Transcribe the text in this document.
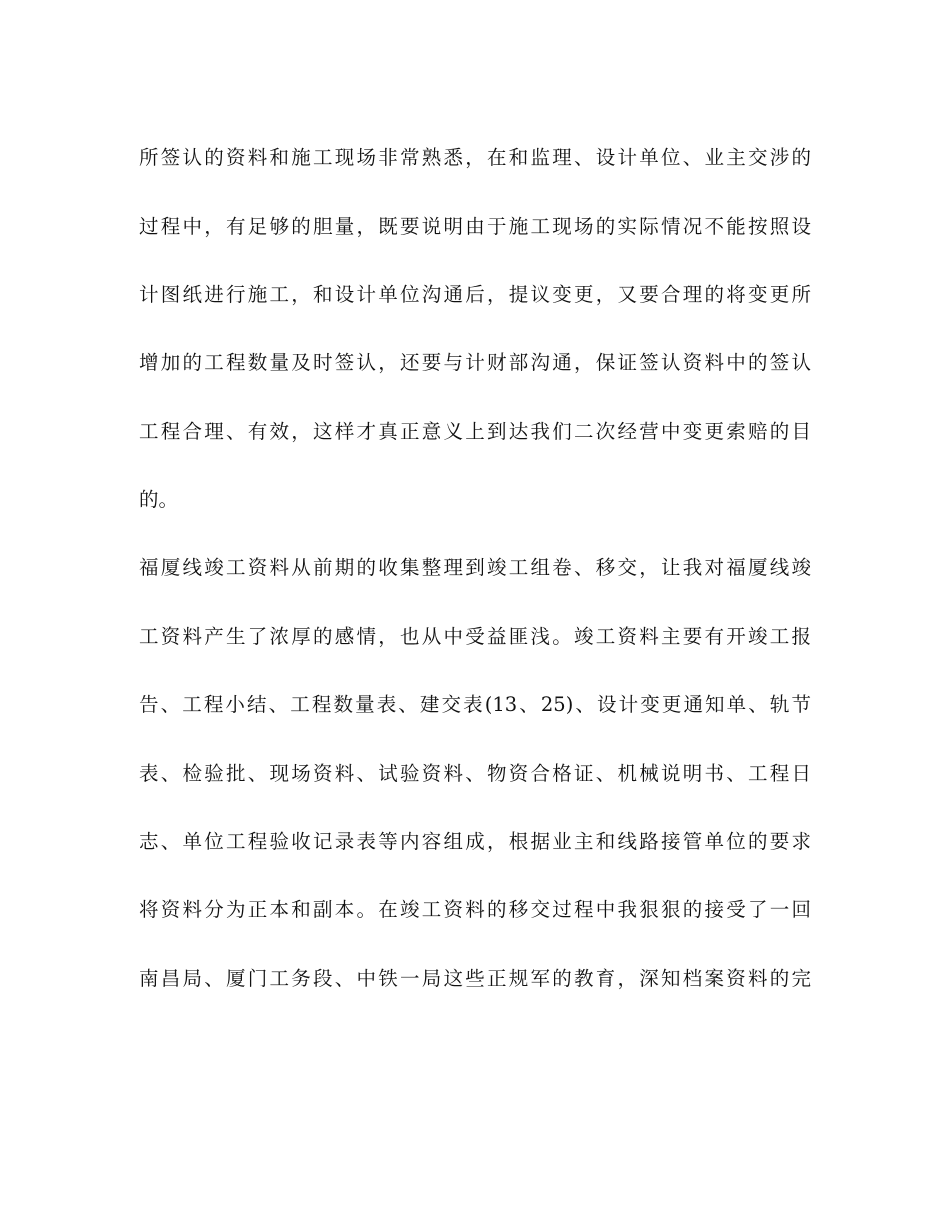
所签认的资料和施工现场非常熟悉，在和监理、设计单位、业主交涉的
过程中，有足够的胆量，既要说明由于施工现场的实际情况不能按照设
计图纸进行施工，和设计单位沟通后，提议变更，又要合理的将变更所
增加的工程数量及时签认，还要与计财部沟通，保证签认资料中的签认
工程合理、有效，这样才真正意义上到达我们二次经营中变更索赔的目
的。
福厦线竣工资料从前期的收集整理到竣工组卷、移交，让我对福厦线竣
工资料产生了浓厚的感情，也从中受益匪浅。竣工资料主要有开竣工报
告、工程小结、工程数量表、建交表(13、25)、设计变更通知单、轨节
表、检验批、现场资料、试验资料、物资合格证、机械说明书、工程日
志、单位工程验收记录表等内容组成，根据业主和线路接管单位的要求
将资料分为正本和副本。在竣工资料的移交过程中我狠狠的接受了一回
南昌局、厦门工务段、中铁一局这些正规军的教育，深知档案资料的完
